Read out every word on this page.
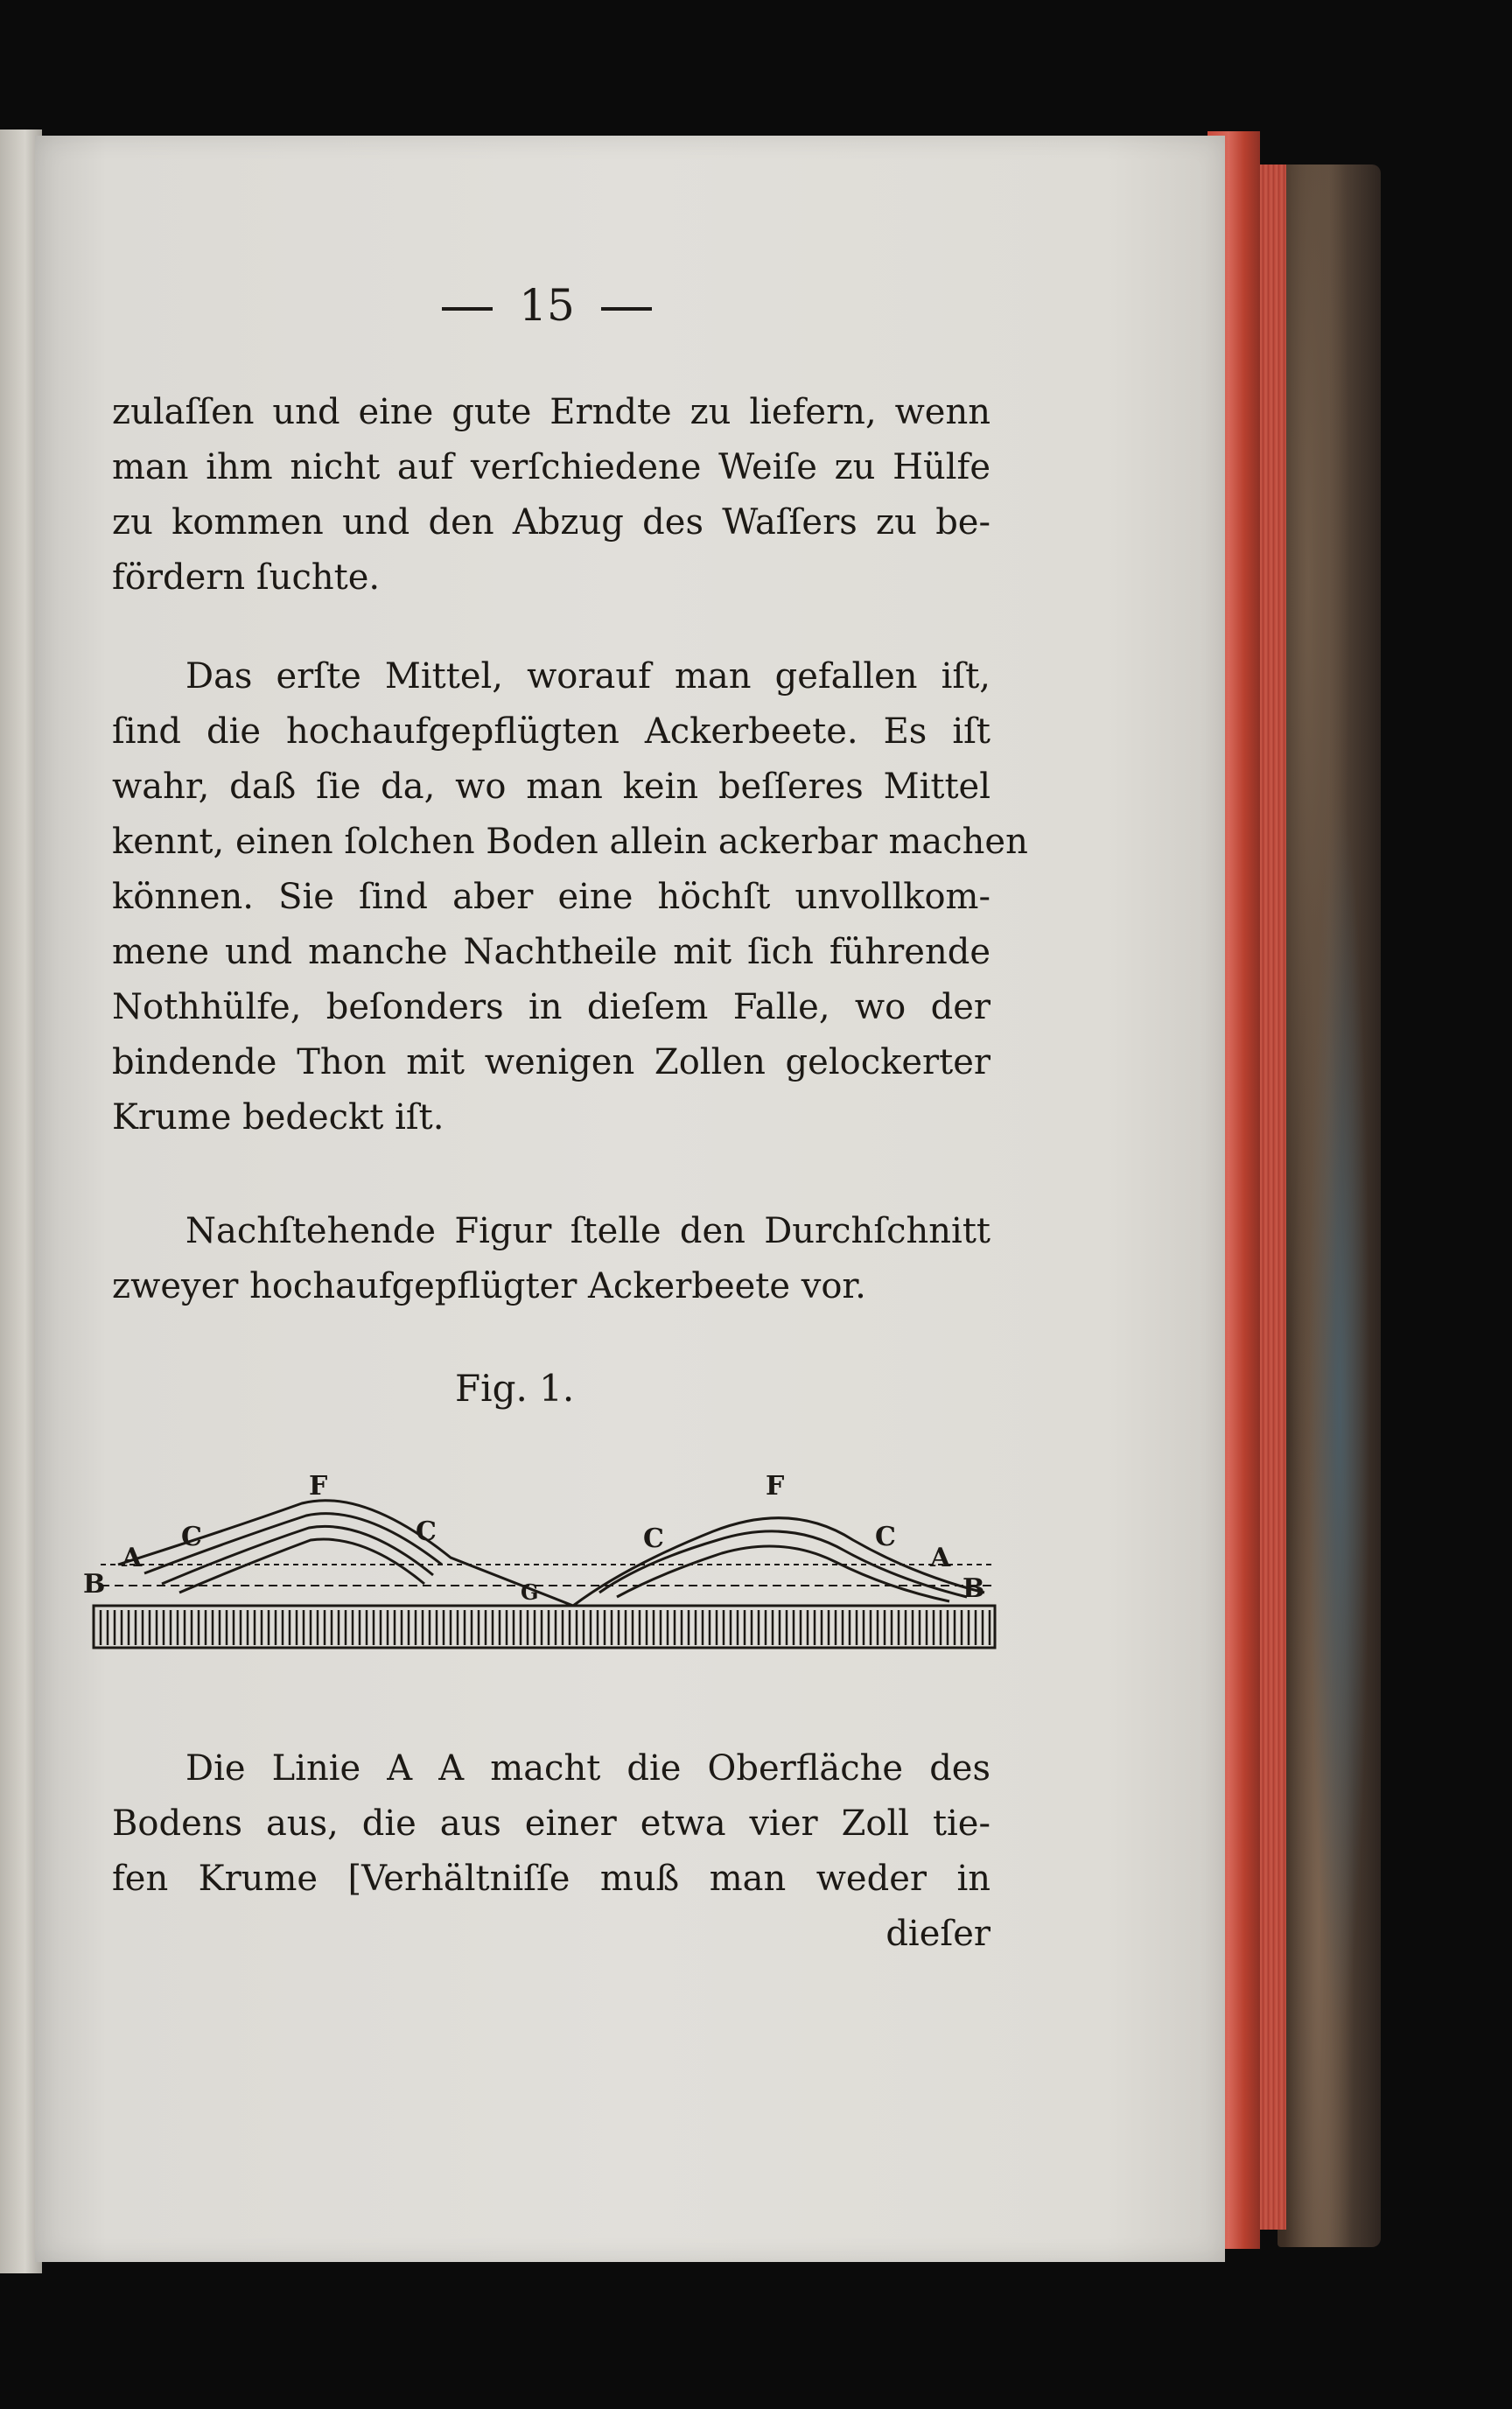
15
zulaſſen und eine gute Erndte zu liefern, wenn
man ihm nicht auf verſchiedene Weiſe zu Hülfe
zu kommen und den Abzug des Waſſers zu be-
fördern ſuchte.
Das erſte Mittel, worauf man gefallen iſt,
ſind die hochaufgepflügten Ackerbeete. Es iſt
wahr, daß ſie da, wo man kein beſſeres Mittel
kennt, einen ſolchen Boden allein ackerbar machen
können. Sie ſind aber eine höchſt unvollkom-
mene und manche Nachtheile mit ſich führende
Nothhülfe, beſonders in dieſem Falle, wo der
bindende Thon mit wenigen Zollen gelockerter
Krume bedeckt iſt.
Nachſtehende Figur ſtelle den Durchſchnitt
zweyer hochaufgepflügter Ackerbeete vor.
Fig. 1.
F	F
C	C	C	C
A	A
B	B
G
Die Linie A A macht die Oberfläche des
Bodens aus, die aus einer etwa vier Zoll tie-
fen Krume [Verhältniſſe muß man weder in
dieſer
